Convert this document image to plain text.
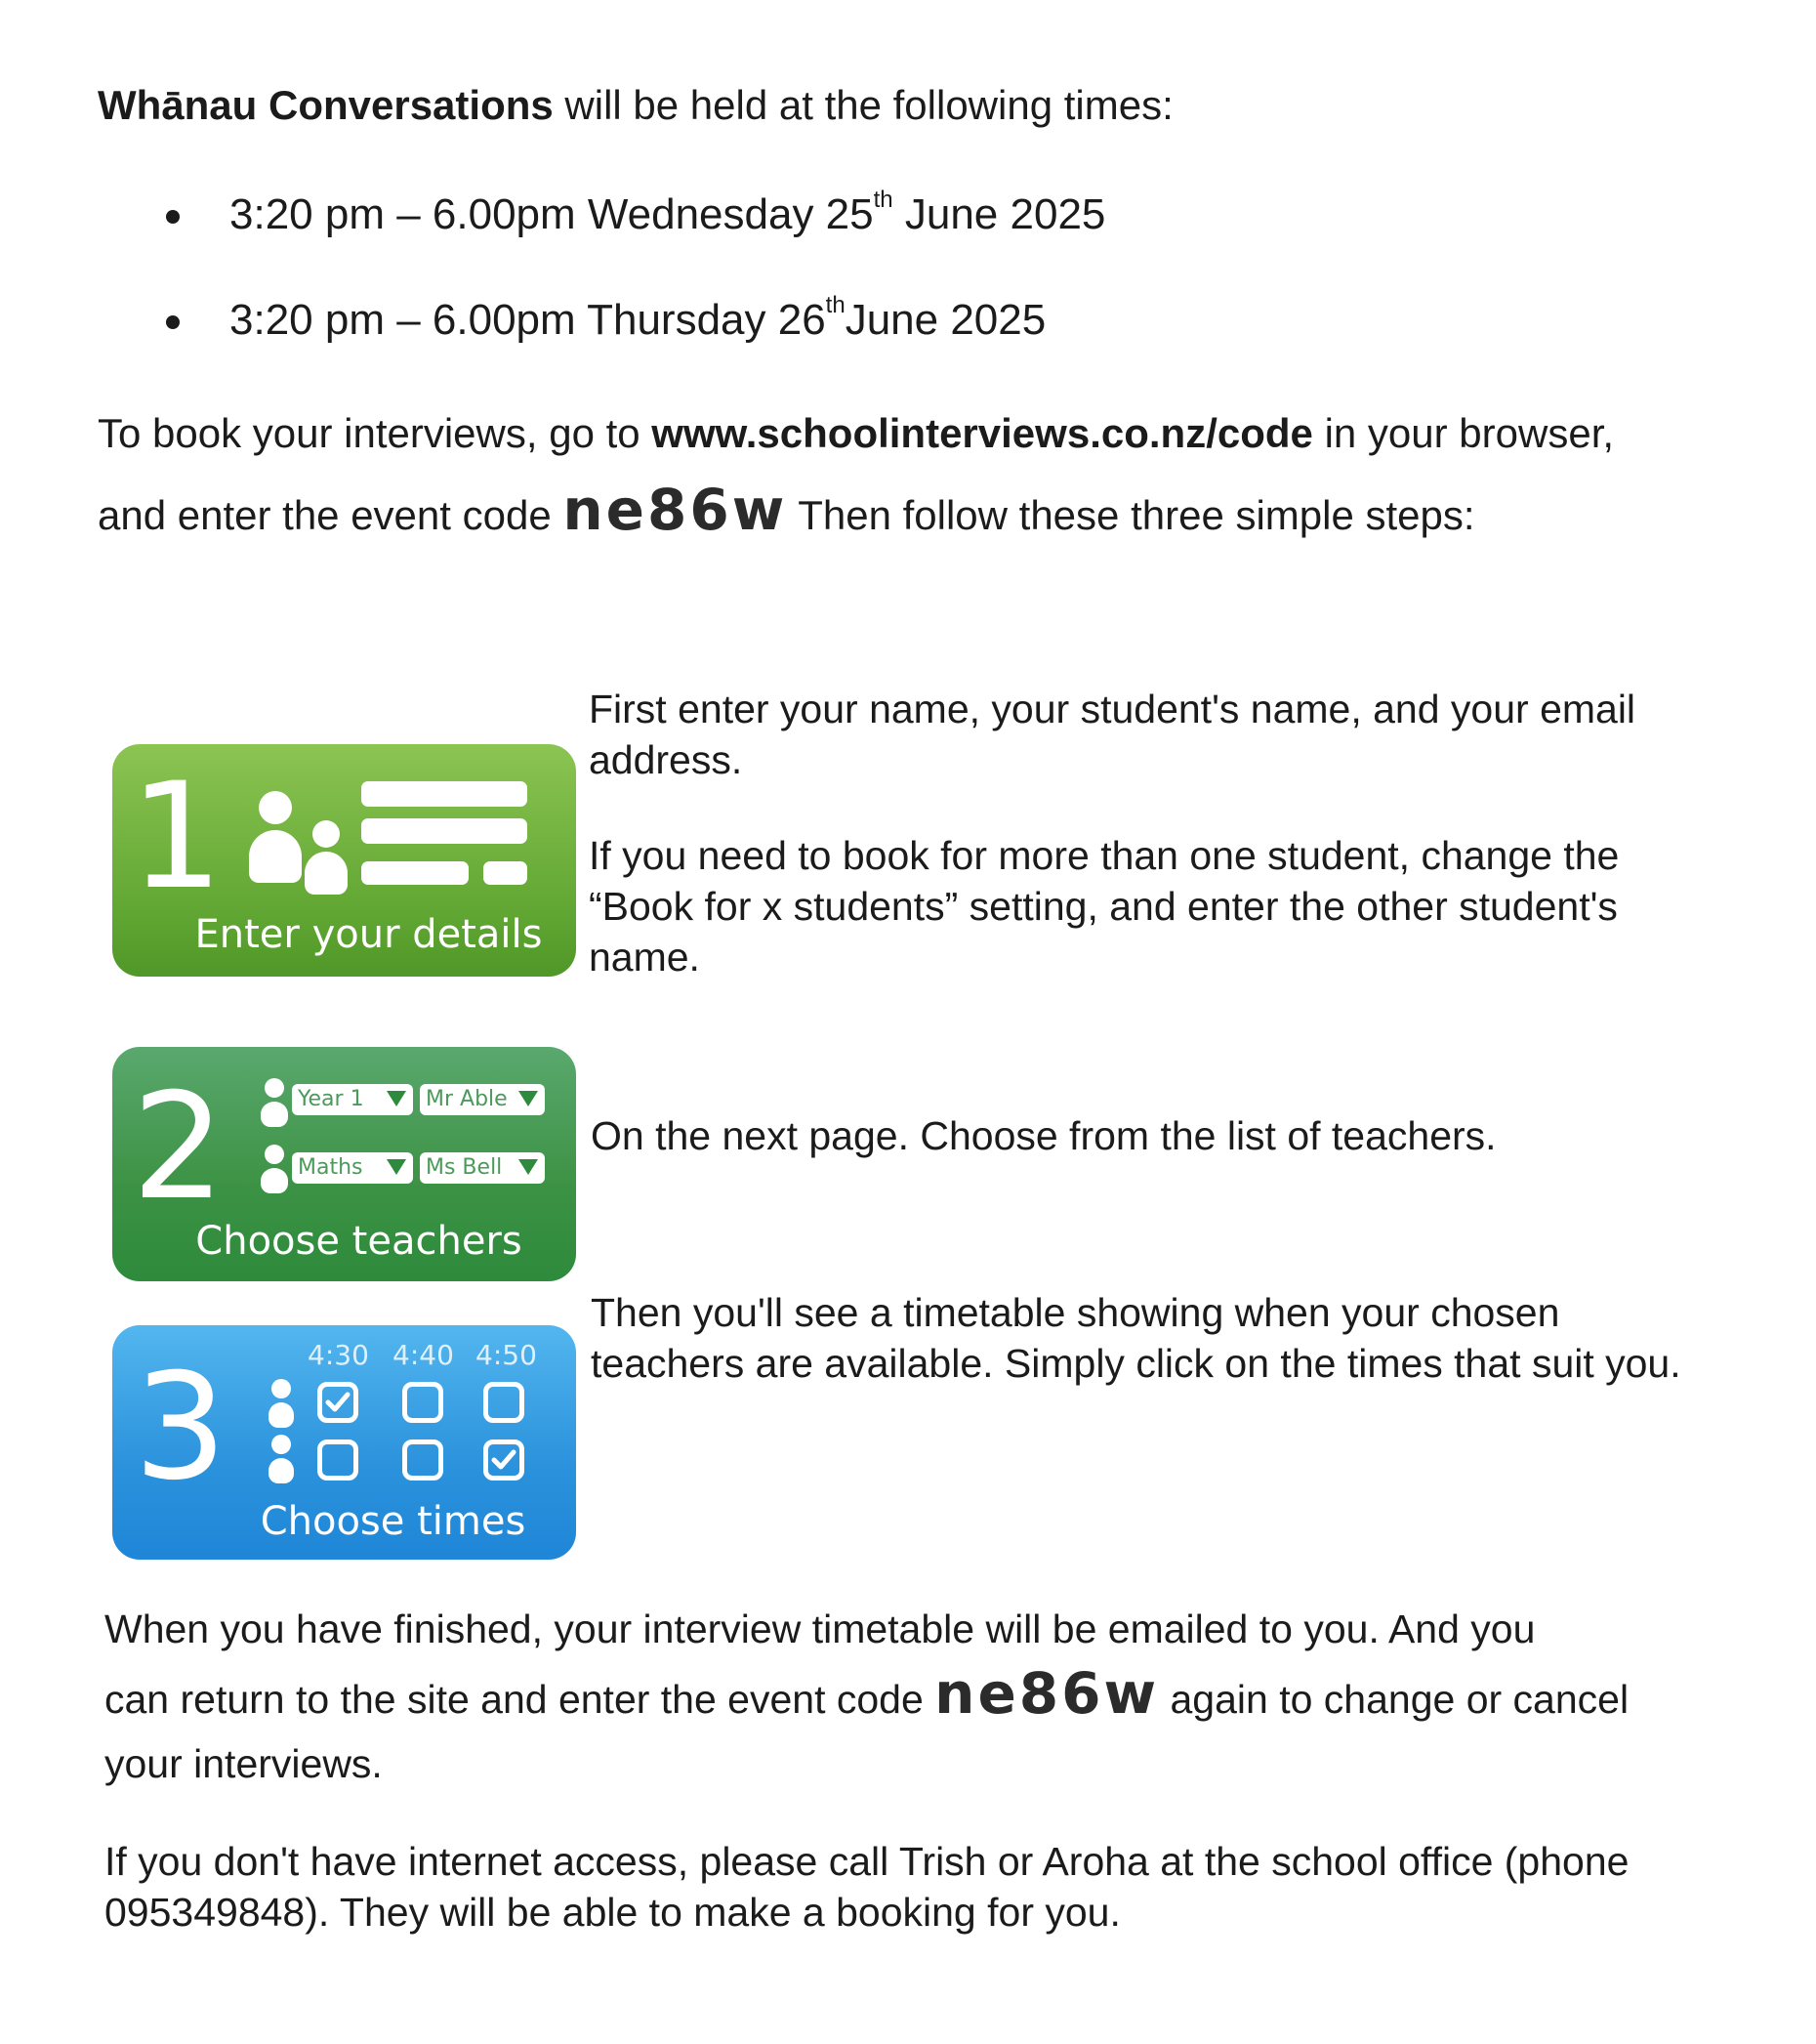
Whānau Conversations will be held at the following times:
3:20 pm – 6.00pm Wednesday 25th June 2025
3:20 pm – 6.00pm Thursday 26thJune 2025
To book your interviews, go to www.schoolinterviews.co.nz/code in your browser,
and enter the event code ne86w Then follow these three simple steps:
1
Enter your details
First enter your name, your student's name, and your email address.
If you need to book for more than one student, change the “Book for x students” setting, and enter the other student's name.
2	Year 1	Mr Able
Maths	Ms Bell
Choose teachers
On the next page. Choose from the list of teachers.
3	4:30 4:40 4:50
Choose times
Then you'll see a timetable showing when your chosen teachers are available. Simply click on the times that suit you.
When you have finished, your interview timetable will be emailed to you. And you
can return to the site and enter the event code ne86w again to change or cancel
your interviews.
If you don't have internet access, please call Trish or Aroha at the school office (phone 095349848). They will be able to make a booking for you.
